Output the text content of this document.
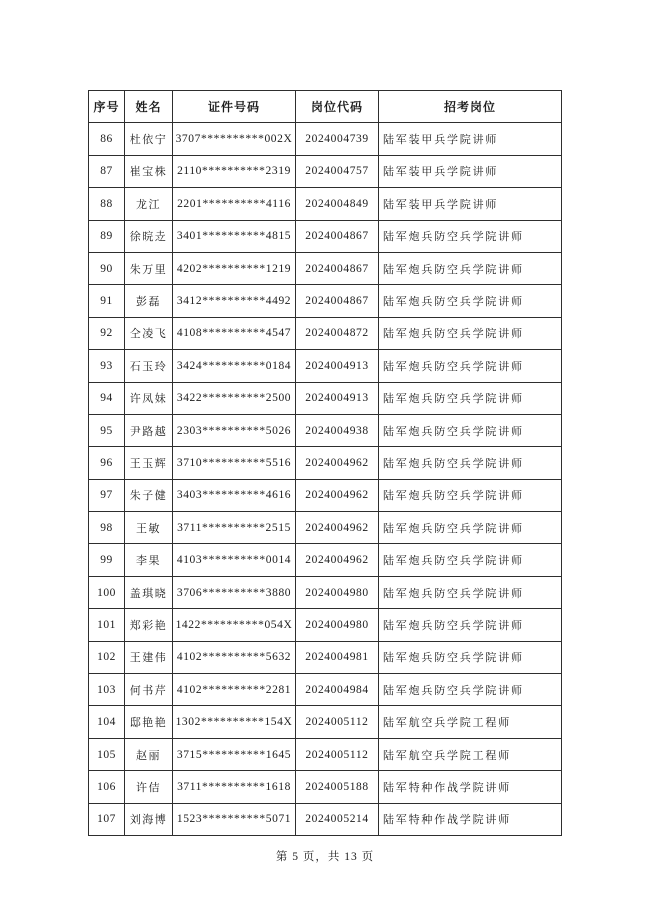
序号	姓名	证件号码	岗位代码	招考岗位
86	杜依宁	3707**********002X	2024004739	陆军装甲兵学院讲师
87	崔宝株	2110**********2319	2024004757	陆军装甲兵学院讲师
88	龙江	2201**********4116	2024004849	陆军装甲兵学院讲师
89	徐晥赱	3401**********4815	2024004867	陆军炮兵防空兵学院讲师
90	朱万里	4202**********1219	2024004867	陆军炮兵防空兵学院讲师
91	彭磊	3412**********4492	2024004867	陆军炮兵防空兵学院讲师
92	仝凌飞	4108**********4547	2024004872	陆军炮兵防空兵学院讲师
93	石玉玲	3424**********0184	2024004913	陆军炮兵防空兵学院讲师
94	许凤妹	3422**********2500	2024004913	陆军炮兵防空兵学院讲师
95	尹路越	2303**********5026	2024004938	陆军炮兵防空兵学院讲师
96	王玉辉	3710**********5516	2024004962	陆军炮兵防空兵学院讲师
97	朱子健	3403**********4616	2024004962	陆军炮兵防空兵学院讲师
98	王敏	3711**********2515	2024004962	陆军炮兵防空兵学院讲师
99	李果	4103**********0014	2024004962	陆军炮兵防空兵学院讲师
100	盖琪晓	3706**********3880	2024004980	陆军炮兵防空兵学院讲师
101	郑彩艳	1422**********054X	2024004980	陆军炮兵防空兵学院讲师
102	王建伟	4102**********5632	2024004981	陆军炮兵防空兵学院讲师
103	何书芹	4102**********2281	2024004984	陆军炮兵防空兵学院讲师
104	邸艳艳	1302**********154X	2024005112	陆军航空兵学院工程师
105	赵丽	3715**********1645	2024005112	陆军航空兵学院工程师
106	许佶	3711**********1618	2024005188	陆军特种作战学院讲师
107	刘海博	1523**********5071	2024005214	陆军特种作战学院讲师
第 5 页，共 13 页
